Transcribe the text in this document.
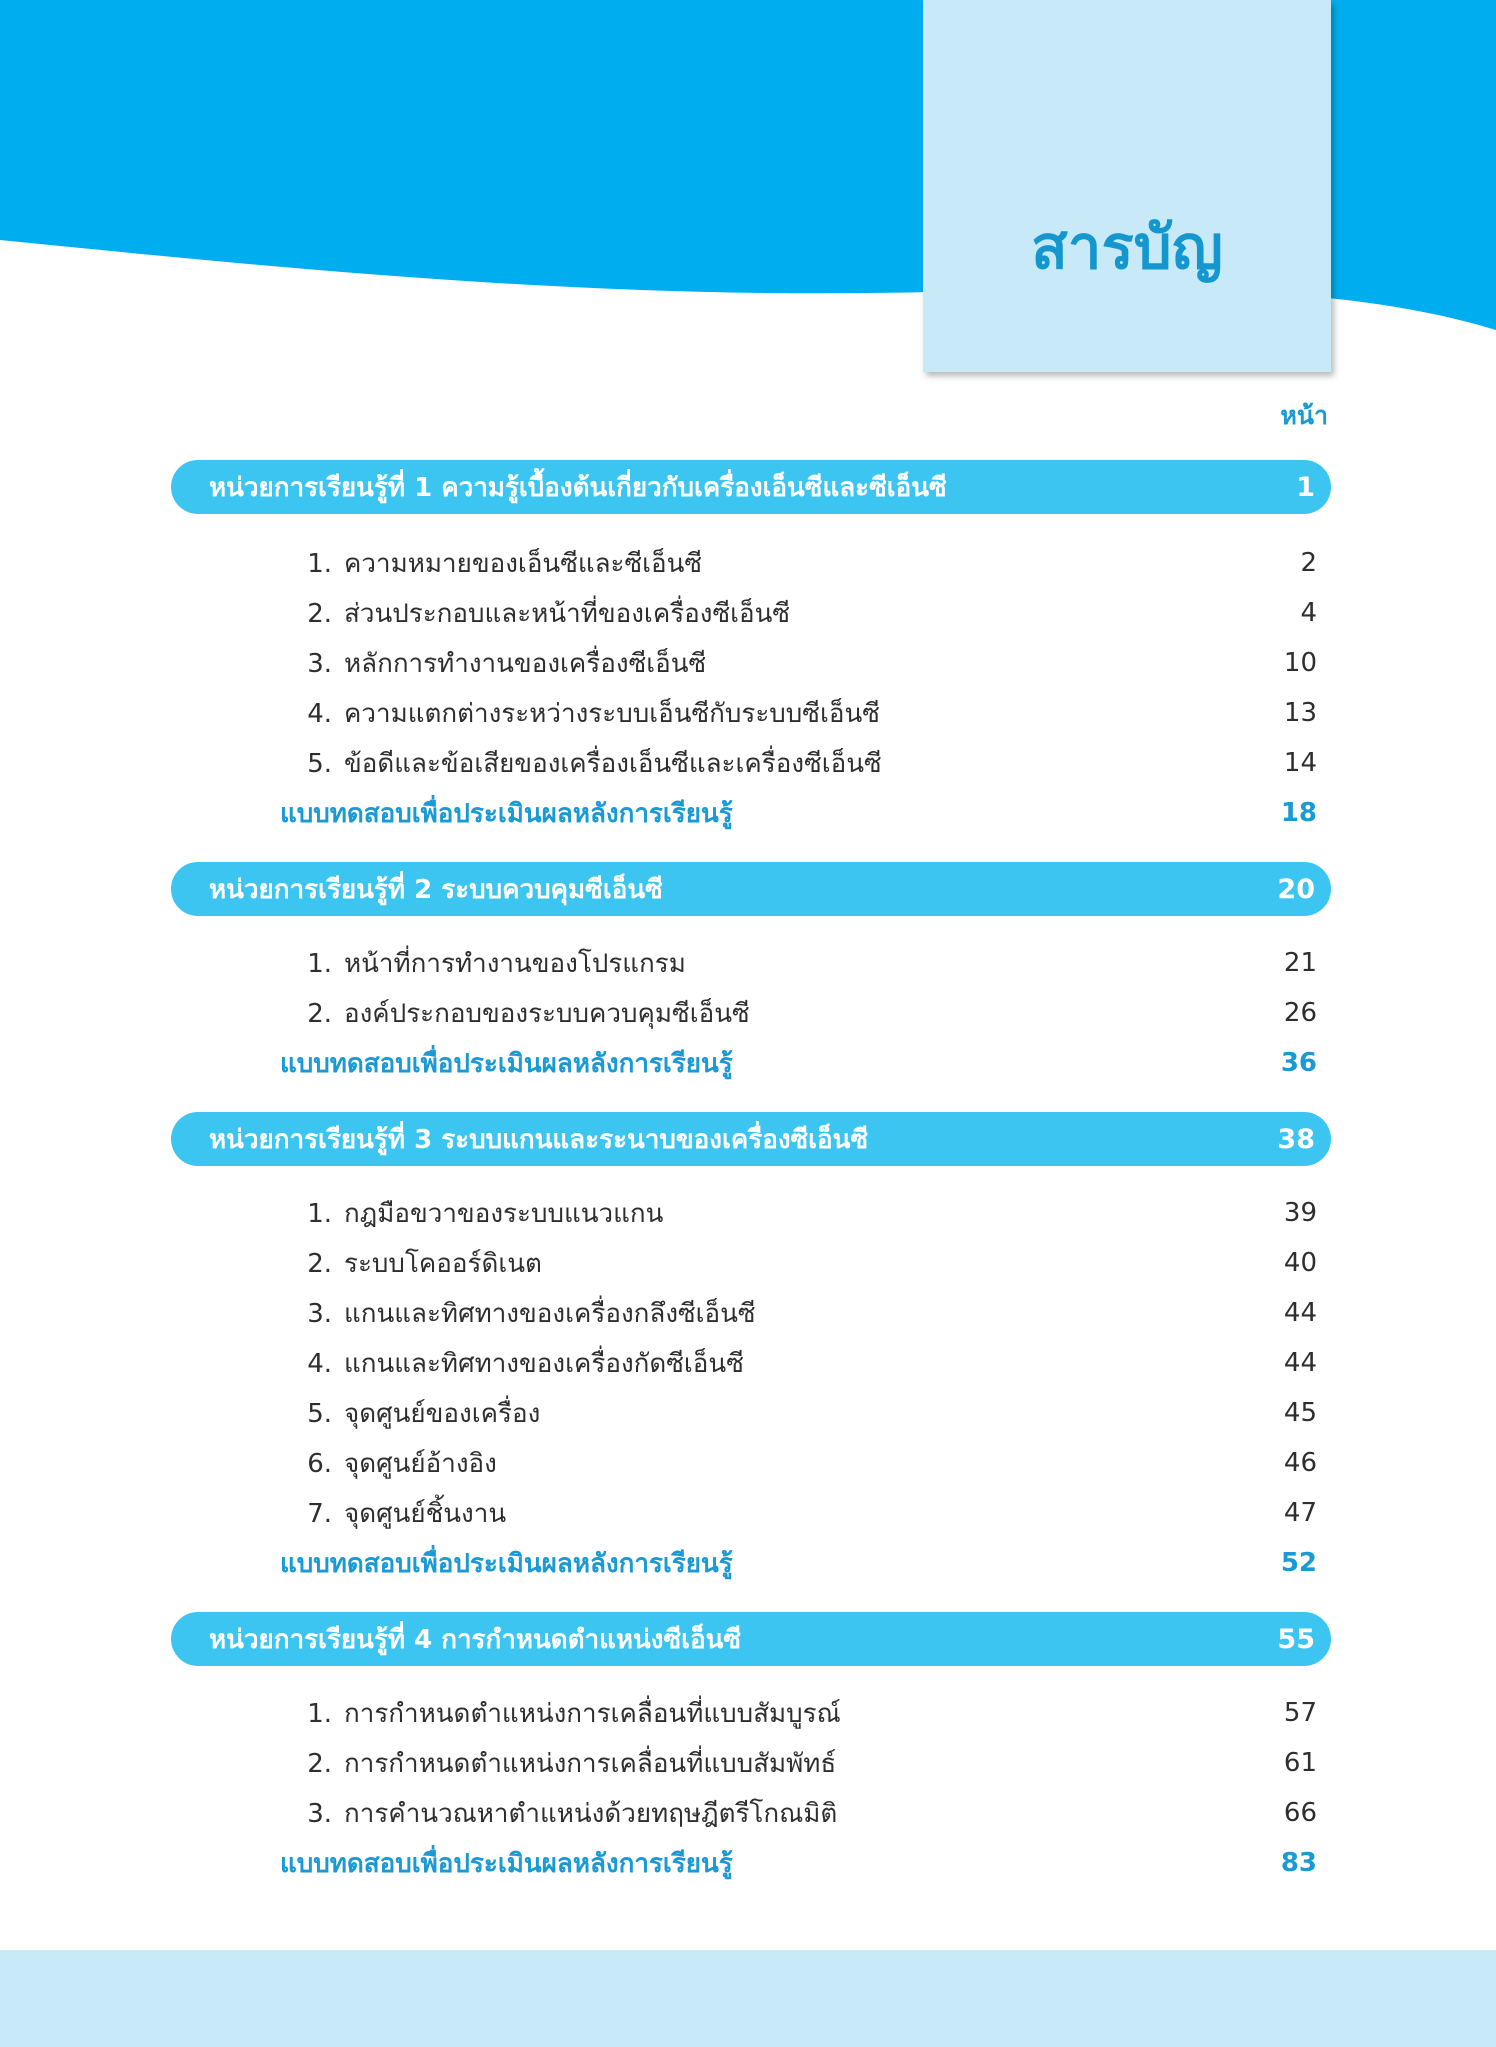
สารบัญ
หน้า
หน่วยการเรียนรู้ที่ 1 ความรู้เบื้องต้นเกี่ยวกับเครื่องเอ็นซีและซีเอ็นซี	1
1. ความหมายของเอ็นซีและซีเอ็นซี	2
2. ส่วนประกอบและหน้าที่ของเครื่องซีเอ็นซี	4
3. หลักการทำงานของเครื่องซีเอ็นซี	10
4. ความแตกต่างระหว่างระบบเอ็นซีกับระบบซีเอ็นซี	13
5. ข้อดีและข้อเสียของเครื่องเอ็นซีและเครื่องซีเอ็นซี	14
แบบทดสอบเพื่อประเมินผลหลังการเรียนรู้	18
หน่วยการเรียนรู้ที่ 2 ระบบควบคุมซีเอ็นซี	20
1. หน้าที่การทำงานของโปรแกรม	21
2. องค์ประกอบของระบบควบคุมซีเอ็นซี	26
แบบทดสอบเพื่อประเมินผลหลังการเรียนรู้	36
หน่วยการเรียนรู้ที่ 3 ระบบแกนและระนาบของเครื่องซีเอ็นซี	38
1. กฎมือขวาของระบบแนวแกน	39
2. ระบบโคออร์ดิเนต	40
3. แกนและทิศทางของเครื่องกลึงซีเอ็นซี	44
4. แกนและทิศทางของเครื่องกัดซีเอ็นซี	44
5. จุดศูนย์ของเครื่อง	45
6. จุดศูนย์อ้างอิง	46
7. จุดศูนย์ชิ้นงาน	47
แบบทดสอบเพื่อประเมินผลหลังการเรียนรู้	52
หน่วยการเรียนรู้ที่ 4 การกำหนดตำแหน่งซีเอ็นซี	55
1. การกำหนดตำแหน่งการเคลื่อนที่แบบสัมบูรณ์	57
2. การกำหนดตำแหน่งการเคลื่อนที่แบบสัมพัทธ์	61
3. การคำนวณหาตำแหน่งด้วยทฤษฎีตรีโกณมิติ	66
แบบทดสอบเพื่อประเมินผลหลังการเรียนรู้	83
